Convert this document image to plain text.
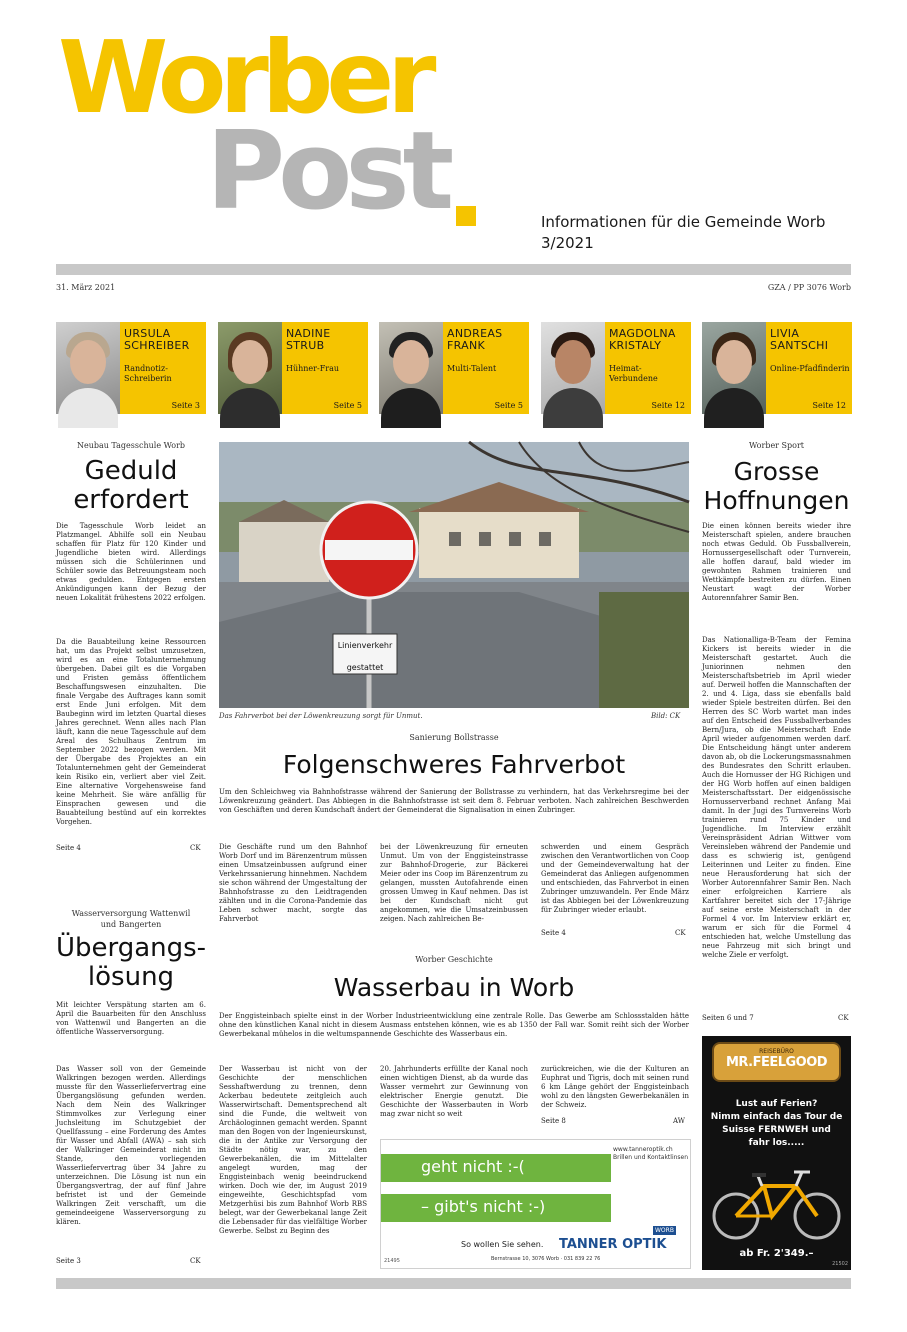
Worber
Post	Informationen für die Gemeinde Worb
3/2021
31. März 2021	GZA / PP 3076 Worb
URSULA
SCHREIBER
Randnotiz-Schreiberin
Seite 3
NADINE
STRUB
Hühner-Frau
Seite 5
ANDREAS
FRANK
Multi-Talent
Seite 5
MAGDOLNA
KRISTALY
Heimat-Verbundene
Seite 12
LIVIA
SANTSCHI
Online-Pfadfinderin
Seite 12
Neubau Tagesschule Worb
Geduld
erfordert
Die Tagesschule Worb leidet an Platzmangel. Abhilfe soll ein Neubau schaffen für Platz für 120 Kinder und Jugendliche bieten wird. Allerdings müssen sich die Schülerinnen und Schüler sowie das Betreuungsteam noch etwas gedulden. Entgegen ersten Ankündigungen kann der Bezug der neuen Lokalität frühestens 2022 erfolgen.
Da die Bauabteilung keine Ressourcen hat, um das Projekt selbst umzusetzen, wird es an eine Totalunternehmung übergeben. Dabei gilt es die Vorgaben und Fristen gemäss öffentlichem Beschaffungswesen einzuhalten. Die finale Vergabe des Auftrages kann somit erst Ende Juni erfolgen. Mit dem Baubeginn wird im letzten Quartal dieses Jahres gerechnet. Wenn alles nach Plan läuft, kann die neue Tagesschule auf dem Areal des Schulhaus Zentrum im September 2022 bezogen werden. Mit der Übergabe des Projektes an ein Totalunternehmen geht der Gemeinderat kein Risiko ein, verliert aber viel Zeit. Eine alternative Vorgehensweise fand keine Mehrheit. Sie wäre anfällig für Einsprachen gewesen und die Bauabteilung bestünd auf ein korrektes Vorgehen.
Seite 4	CK
Wasserversorgung Wattenwil
und Bangerten
Übergangs-
lösung
Mit leichter Verspätung starten am 6. April die Bauarbeiten für den Anschluss von Wattenwil und Bangerten an die öffentliche Wasserversorgung.
Das Wasser soll von der Gemeinde Walkringen bezogen werden. Allerdings musste für den Wasserliefervertrag eine Übergangslösung gefunden werden. Nach dem Nein des Walkringer Stimmvolkes zur Verlegung einer Juchsleitung im Schutzgebiet der Quellfassung – eine Forderung des Amtes für Wasser und Abfall (AWA) – sah sich der Walkringer Gemeinderat nicht im Stande, den vorliegenden Wasserliefervertrag über 34 Jahre zu unterzeichnen. Die Lösung ist nun ein Übergangsvertrag, der auf fünf Jahre befristet ist und der Gemeinde Walkringen Zeit verschafft, um die gemeindeeigene Wasserversorgung zu klären.
Seite 3	CK
Linienverkehr
gestattet
Das Fahrverbot bei der Löwenkreuzung sorgt für Unmut.	Bild: CK
Sanierung Bollstrasse
Folgenschweres Fahrverbot
Um den Schleichweg via Bahnhofstrasse während der Sanierung der Bollstrasse zu verhindern, hat das Verkehrsregime bei der Löwenkreuzung geändert. Das Abbiegen in die Bahnhofstrasse ist seit dem 8. Februar verboten. Nach zahlreichen Beschwerden von Geschäften und deren Kundschaft ändert der Gemeinderat die Signalisation in einen Zubringer.
Die Geschäfte rund um den Bahnhof Worb Dorf und im Bärenzentrum müssen einen Umsatzeinbussen aufgrund einer Verkehrssanierung hinnehmen. Nachdem sie schon während der Umgestaltung der Bahnhofstrasse zu den Leidtragenden zählten und in die Corona-Pandemie das Leben schwer macht, sorgte das Fahrverbot
bei der Löwenkreuzung für erneuten Unmut. Um von der Enggisteinstrasse zur Bahnhof-Drogerie, zur Bäckerei Meier oder ins Coop im Bärenzentrum zu gelangen, mussten Autofahrende einen grossen Umweg in Kauf nehmen. Das ist bei der Kundschaft nicht gut angekommen, wie die Umsatzeinbussen zeigen. Nach zahlreichen Be-
schwerden und einem Gespräch zwischen den Verantwortlichen von Coop und der Gemeindeverwaltung hat der Gemeinderat das Anliegen aufgenommen und entschieden, das Fahrverbot in einen Zubringer umzuwandeln. Per Ende März ist das Abbiegen bei der Löwenkreuzung für Zubringer wieder erlaubt.
Seite 4	CK
Worber Geschichte
Wasserbau in Worb
Der Enggisteinbach spielte einst in der Worber Industrieentwicklung eine zentrale Rolle. Das Gewerbe am Schlossstalden hätte ohne den künstlichen Kanal nicht in diesem Ausmass entstehen können, wie es ab 1350 der Fall war. Somit reiht sich der Worber Gewerbekanal mühelos in die weltumspannende Geschichte des Wasserbaus ein.
Der Wasserbau ist nicht von der Geschichte der menschlichen Sesshaftwerdung zu trennen, denn Ackerbau bedeutete zeitgleich auch Wasserwirtschaft. Dementsprechend alt sind die Funde, die weltweit von Archäologinnen gemacht werden. Spannt man den Bogen von der Ingenieurskunst, die in der Antike zur Versorgung der Städte nötig war, zu den Gewerbekanälen, die im Mittelalter angelegt wurden, mag der Enggisteinbach wenig beeindruckend wirken. Doch wie der, im August 2019 eingeweihte, Geschichtspfad vom Metzgerhüsi bis zum Bahnhof Worb RBS belegt, war der Gewerbekanal lange Zeit die Lebensader für das vielfältige Worber Gewerbe. Selbst zu Beginn des
20. Jahrhunderts erfüllte der Kanal noch einen wichtigen Dienst, ab da wurde das Wasser vermehrt zur Gewinnung von elektrischer Energie genutzt. Die Geschichte der Wasserbauten in Worb mag zwar nicht so weit
zurückreichen, wie die der Kulturen an Euphrat und Tigris, doch mit seinen rund 6 km Länge gehört der Enggisteinbach wohl zu den längsten Gewerbekanälen in der Schweiz.
Seite 8	AW
www.tanneroptik.ch
Brillen und Kontaktlinsen
geht nicht :-(
– gibt's nicht :-)
So wollen Sie sehen. TANNER OPTIK
WORB
Bernstrasse 10, 3076 Worb · 031 839 22 76
21495
Worber Sport
Grosse
Hoffnungen
Die einen können bereits wieder ihre Meisterschaft spielen, andere brauchen noch etwas Geduld. Ob Fussballverein, Hornussergesellschaft oder Turnverein, alle hoffen darauf, bald wieder im gewohnten Rahmen trainieren und Wettkämpfe bestreiten zu dürfen. Einen Neustart wagt der Worber Autorennfahrer Samir Ben.
Das Nationalliga-B-Team der Femina Kickers ist bereits wieder in die Meisterschaft gestartet. Auch die Juniorinnen nehmen den Meisterschaftsbetrieb im April wieder auf. Derweil hoffen die Mannschaften der 2. und 4. Liga, dass sie ebenfalls bald wieder Spiele bestreiten dürfen. Bei den Herren des SC Worb wartet man indes auf den Entscheid des Fussballverbandes Bern/Jura, ob die Meisterschaft Ende April wieder aufgenommen werden darf. Die Entscheidung hängt unter anderem davon ab, ob die Lockerungsmassnahmen des Bundesrates den Schritt erlauben. Auch die Hornusser der HG Richigen und der HG Worb hoffen auf einen baldigen Meisterschaftsstart. Der eidgenössische Hornusserverband rechnet Anfang Mai damit. In der Jugi des Turnvereins Worb trainieren rund 75 Kinder und Jugendliche. Im Interview erzählt Vereinspräsident Adrian Wittwer vom Vereinsleben während der Pandemie und dass es schwierig ist, genügend Leiterinnen und Leiter zu finden. Eine neue Herausforderung hat sich der Worber Autorennfahrer Samir Ben. Nach einer erfolgreichen Karriere als Kartfahrer bereitet sich der 17-Jährige auf seine erste Meisterschaft in der Formel 4 vor. Im Interview erklärt er, warum er sich für die Formel 4 entschieden hat, welche Umstellung das neue Fahrzeug mit sich bringt und welche Ziele er verfolgt.
Seiten 6 und 7	CK
REISEBÜRO
MR.FEELGOOD
Lust auf Ferien?
Nimm einfach das Tour de
Suisse FERNWEH und
fahr los.....
ab Fr. 2'349.–
21502
